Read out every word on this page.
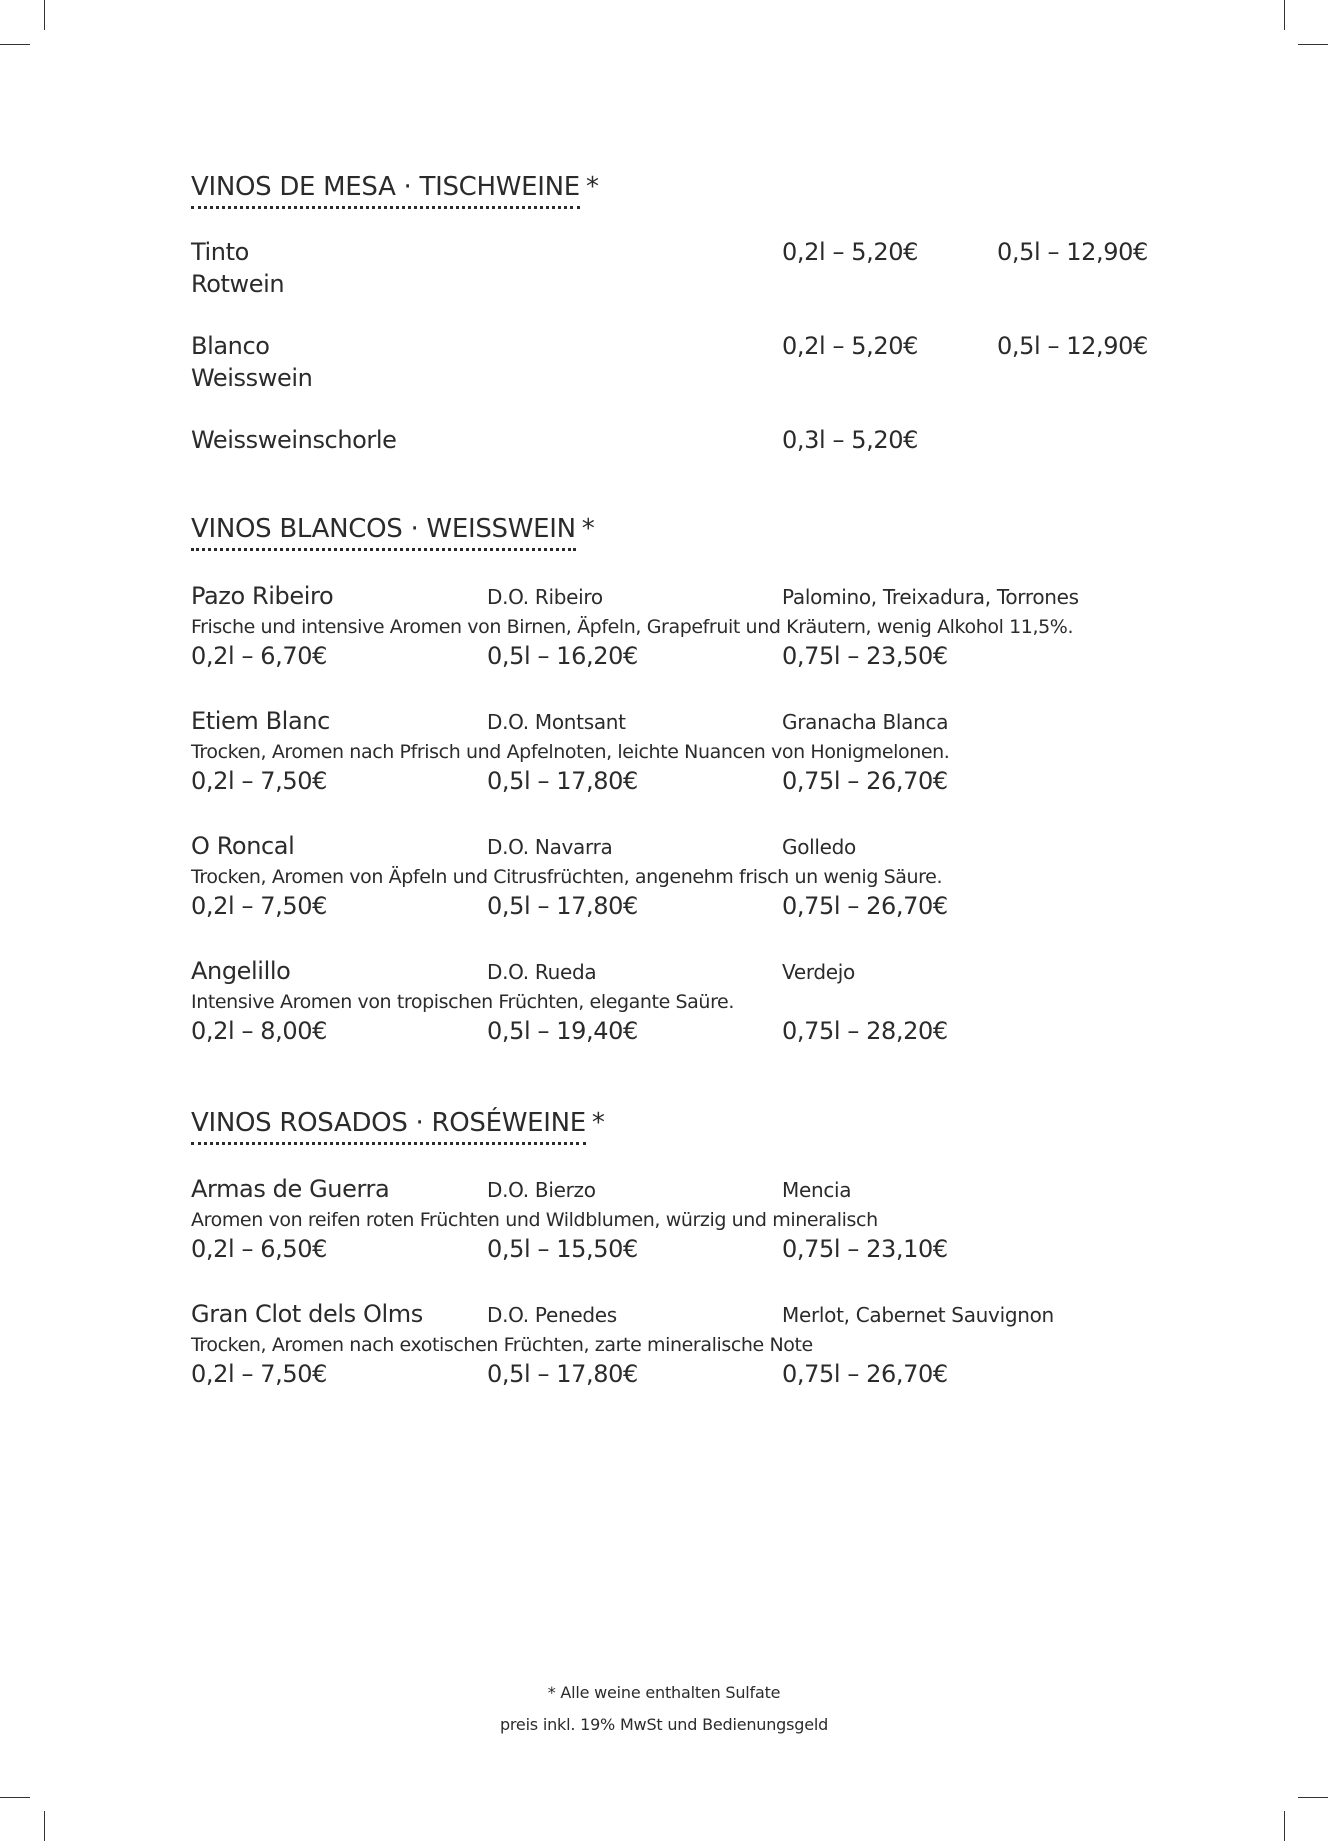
VINOS DE MESA · TISCHWEINE *
Tinto
Rotwein
0,2l – 5,20€	0,5l – 12,90€
Blanco
Weisswein
0,2l – 5,20€	0,5l – 12,90€
Weissweinschorle	0,3l – 5,20€
VINOS BLANCOS · WEISSWEIN *
Pazo Ribeiro	D.O. Ribeiro	Palomino, Treixadura, Torrones
Frische und intensive Aromen von Birnen, Äpfeln, Grapefruit und Kräutern, wenig Alkohol 11,5%.
0,2l – 6,70€	0,5l – 16,20€	0,75l – 23,50€
Etiem Blanc	D.O. Montsant	Granacha Blanca
Trocken, Aromen nach Pfrisch und Apfelnoten, leichte Nuancen von Honigmelonen.
0,2l – 7,50€	0,5l – 17,80€	0,75l – 26,70€
O Roncal	D.O. Navarra	Golledo
Trocken, Aromen von Äpfeln und Citrusfrüchten, angenehm frisch un wenig Säure.
0,2l – 7,50€	0,5l – 17,80€	0,75l – 26,70€
Angelillo	D.O. Rueda	Verdejo
Intensive Aromen von tropischen Früchten, elegante Saüre.
0,2l – 8,00€	0,5l – 19,40€	0,75l – 28,20€
VINOS ROSADOS · ROSÉWEINE *
Armas de Guerra	D.O. Bierzo	Mencia
Aromen von reifen roten Früchten und Wildblumen, würzig und mineralisch
0,2l – 6,50€	0,5l – 15,50€	0,75l – 23,10€
Gran Clot dels Olms	D.O. Penedes	Merlot, Cabernet Sauvignon
Trocken, Aromen nach exotischen Früchten, zarte mineralische Note
0,2l – 7,50€	0,5l – 17,80€	0,75l – 26,70€
* Alle weine enthalten Sulfate
preis inkl. 19% MwSt und Bedienungsgeld
